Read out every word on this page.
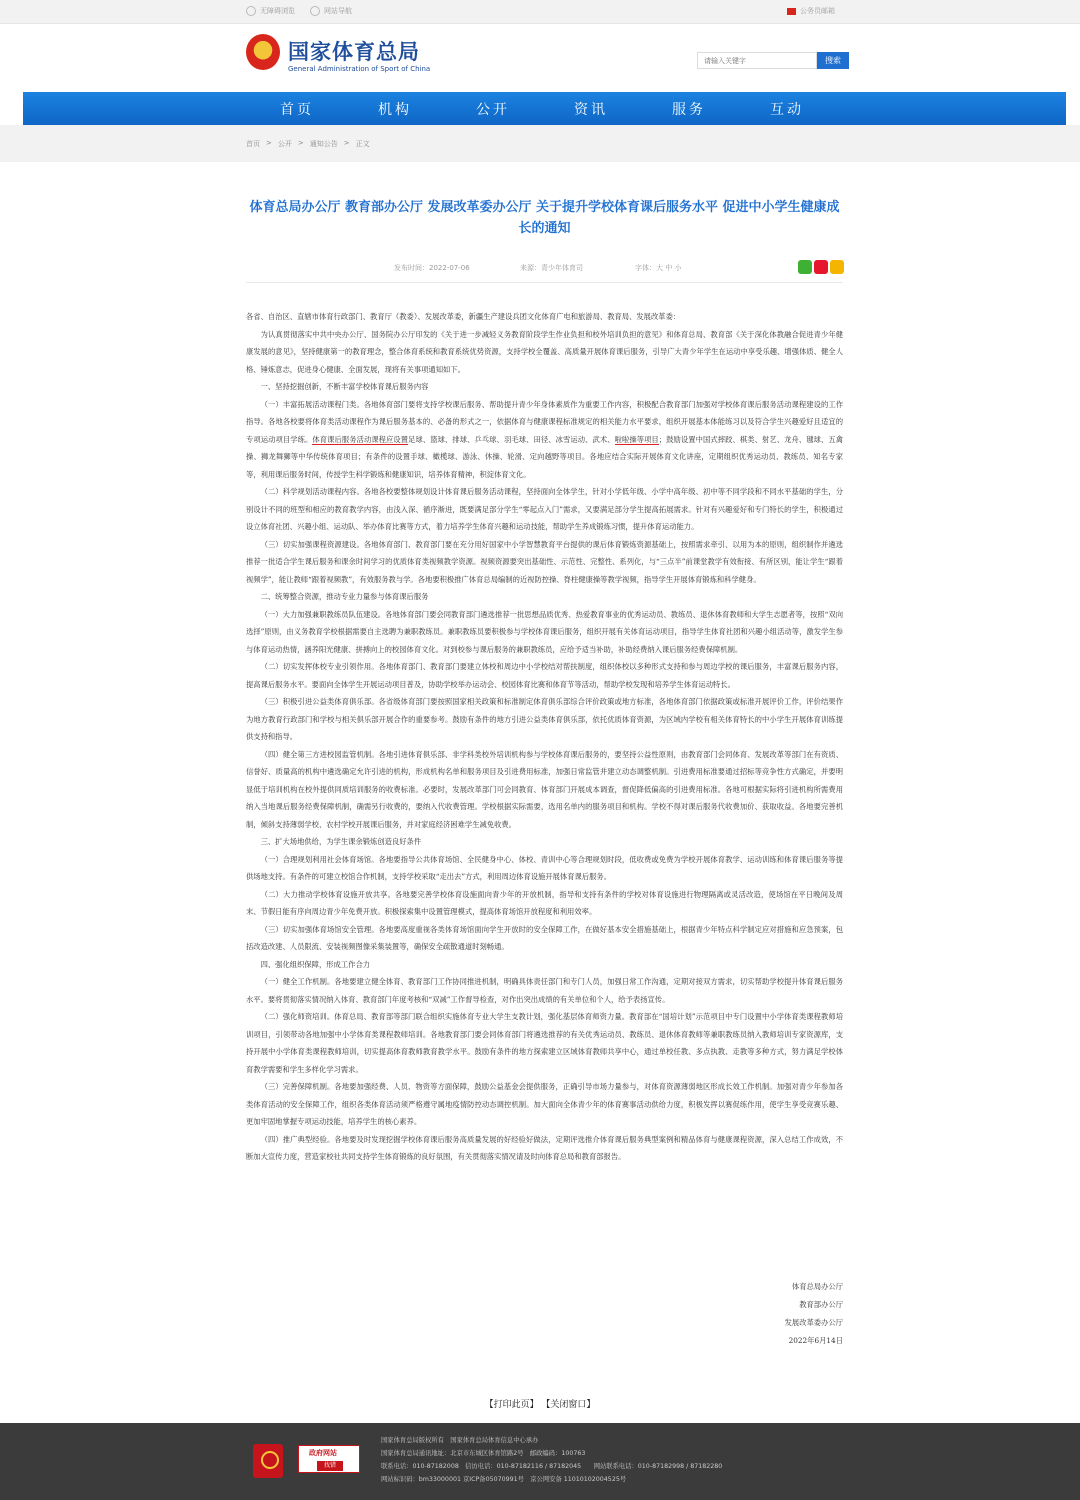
无障碍浏览	网站导航	公务员邮箱
国家体育总局
General Administration of Sport of China
请输入关键字
搜索
首页	机构	公开	资讯	服务	互动
首页 > 公开 > 通知公告 > 正文
体育总局办公厅 教育部办公厅 发展改革委办公厅 关于提升学校体育课后服务水平 促进中小学生健康成长的通知
发布时间：2022-07-06	来源：青少年体育司	字体：大 中 小

各省、自治区、直辖市体育行政部门、教育厅（教委）、发展改革委，新疆生产建设兵团文化体育广电和旅游局、教育局、发展改革委：

为认真贯彻落实中共中央办公厅、国务院办公厅印发的《关于进一步减轻义务教育阶段学生作业负担和校外培训负担的意见》和体育总局、教育部《关于深化体教融合促进青少年健康发展的意见》，坚持健康第一的教育理念，整合体育系统和教育系统优势资源，支持学校全覆盖、高质量开展体育课后服务，引导广大青少年学生在运动中享受乐趣、增强体质、健全人格、锤炼意志，促进身心健康、全面发展，现将有关事项通知如下。

一、坚持挖掘创新，不断丰富学校体育课后服务内容

（一）丰富拓展活动课程门类。各地体育部门要将支持学校课后服务、帮助提升青少年身体素质作为重要工作内容，积极配合教育部门加强对学校体育课后服务活动课程建设的工作指导。各地各校要将体育类活动课程作为课后服务基本的、必备的形式之一，依据体育与健康课程标准规定的相关能力水平要求，组织开展基本体能练习以及符合学生兴趣爱好且适宜的专项运动项目学练。体育课后服务活动课程应设置足球、篮球、排球、乒乓球、羽毛球、田径、冰雪运动、武术、啦啦操等项目；鼓励设置中国式摔跤、棋类、射艺、龙舟、毽球、五禽操、狮龙舞狮等中华传统体育项目；有条件的设置手球、橄榄球、游泳、休操、轮滑、定向越野等项目。各地应结合实际开展体育文化讲座，定期组织优秀运动员、教练员、知名专家等，利用课后服务时间，传授学生科学锻炼和健康知识，培养体育精神，积淀体育文化。

（二）科学规划活动课程内容。各地各校要整体规划设计体育课后服务活动课程，坚持面向全体学生，针对小学低年级、小学中高年级、初中等不同学段和不同水平基础的学生，分别设计不同的班型和相应的教育教学内容，由浅入深、循序渐进，既要满足部分学生“零起点入门”需求，又要满足部分学生提高拓展需求。针对有兴趣爱好和专门特长的学生，积极通过设立体育社团、兴趣小组、运动队、举办体育比赛等方式，着力培养学生体育兴趣和运动技能，帮助学生养成锻炼习惯，提升体育运动能力。

（三）切实加强课程资源建设。各地体育部门、教育部门要在充分用好国家中小学智慧教育平台提供的课后体育锻炼资源基础上，按照需求牵引、以用为本的原则，组织制作并遴选推荐一批适合学生课后服务和课余时间学习的优质体育类视频教学资源。视频资源要突出基础性、示范性、完整性、系列化，与“三点半”前课堂教学有效衔接、有所区别，能让学生“跟着视频学”，能让教师“跟着视频教”，有效服务教与学。各地要积极推广体育总局编制的近视防控操、脊柱健康操等教学视频，指导学生开展体育锻炼和科学健身。

二、统筹整合资源，推动专业力量参与体育课后服务

（一）大力加强兼职教练员队伍建设。各地体育部门要会同教育部门遴选推荐一批思想品质优秀、热爱教育事业的优秀运动员、教练员、退休体育教师和大学生志愿者等，按照“双向选择”原则，由义务教育学校根据需要自主选聘为兼职教练员。兼职教练员要积极参与学校体育课后服务，组织开展有关体育运动项目，指导学生体育社团和兴趣小组活动等，激发学生参与体育运动热情，涵养阳光健康、拼搏向上的校园体育文化。对到校参与课后服务的兼职教练员，应给予适当补助，补助经费纳入课后服务经费保障机制。

（二）切实发挥体校专业引领作用。各地体育部门、教育部门要建立体校和周边中小学校结对帮扶制度，组织体校以多种形式支持和参与周边学校的课后服务，丰富课后服务内容，提高课后服务水平。要面向全体学生开展运动项目普及，协助学校举办运动会、校园体育比赛和体育节等活动，帮助学校发现和培养学生体育运动特长。

（三）积极引进公益类体育俱乐部。各省级体育部门要按照国家相关政策和标准制定体育俱乐部综合评价政策或地方标准，各地体育部门依据政策或标准开展评价工作，评价结果作为地方教育行政部门和学校与相关俱乐部开展合作的重要参考。鼓励有条件的地方引进公益类体育俱乐部，依托优质体育资源，为区域内学校有相关体育特长的中小学生开展体育训练提供支持和指导。

（四）健全第三方进校园监管机制。各地引进体育俱乐部、非学科类校外培训机构参与学校体育课后服务的，要坚持公益性原则，由教育部门会同体育、发展改革等部门在有资质、信誉好、质量高的机构中遴选确定允许引进的机构，形成机构名单和服务项目及引进费用标准，加强日常监管并建立动态调整机制。引进费用标准要通过招标等竞争性方式确定，并要明显低于培训机构在校外提供同质培训服务的收费标准。必要时，发展改革部门可会同教育、体育部门开展成本调查，督促降低偏高的引进费用标准。各地可根据实际将引进机构所需费用纳入当地课后服务经费保障机制，确需另行收费的，要纳入代收费管理。学校根据实际需要，选用名单内的服务项目和机构。学校不得对课后服务代收费加价、获取收益。各地要完善机制，倾斜支持薄弱学校、农村学校开展课后服务，并对家庭经济困难学生减免收费。

三、扩大场地供给，为学生课余锻炼创造良好条件

（一）合理规划利用社会体育场馆。各地要指导公共体育场馆、全民健身中心、体校、青训中心等合理规划时段，低收费或免费为学校开展体育教学、运动训练和体育课后服务等提供场地支持。有条件的可建立校馆合作机制，支持学校采取“走出去”方式，利用周边体育设施开展体育课后服务。

（二）大力推动学校体育设施开放共享。各地要完善学校体育设施面向青少年的开放机制，指导和支持有条件的学校对体育设施进行物理隔离或灵活改造，使场馆在平日晚间及周末、节假日能有序向周边青少年免费开放。积极探索集中设置管理模式，提高体育场馆开放程度和利用效率。

（三）切实加强体育场馆安全管理。各地要高度重视各类体育场馆面向学生开放时的安全保障工作，在做好基本安全措施基础上，根据青少年特点科学制定应对措施和应急预案，包括改造改建、人员限流、安装视频图像采集装置等，确保安全疏散通道时刻畅通。

四、强化组织保障，形成工作合力

（一）健全工作机制。各地要建立健全体育、教育部门工作协同推进机制，明确具体责任部门和专门人员，加强日常工作沟通，定期对接双方需求，切实帮助学校提升体育课后服务水平。要将贯彻落实情况纳入体育、教育部门年度考核和“双减”工作督导检查，对作出突出成绩的有关单位和个人，给予表扬宣传。

（二）强化师资培训。体育总局、教育部等部门联合组织实施体育专业大学生支教计划，强化基层体育师资力量。教育部在“国培计划”示范项目中专门设置中小学体育类课程教师培训项目，引领带动各地加强中小学体育类课程教师培训。各地教育部门要会同体育部门将遴选推荐的有关优秀运动员、教练员、退休体育教师等兼职教练员纳入教师培训专家资源库，支持开展中小学体育类课程教师培训，切实提高体育教师教育教学水平。鼓励有条件的地方探索建立区域体育教师共享中心，通过单校任教、多点执教、走教等多种方式，努力满足学校体育教学需要和学生多样化学习需求。

（三）完善保障机制。各地要加强经费、人员、物资等方面保障，鼓励公益基金会提供服务，正确引导市场力量参与，对体育资源薄弱地区形成长效工作机制。加强对青少年参加各类体育活动的安全保障工作，组织各类体育活动须严格遵守属地疫情防控动态调控机制。加大面向全体青少年的体育赛事活动供给力度，积极发挥以赛促练作用，使学生享受竞赛乐趣、更加牢固地掌握专项运动技能，培养学生的核心素养。

（四）推广典型经验。各地要及时发现挖掘学校体育课后服务高质量发展的好经验好做法，定期评选推介体育课后服务典型案例和精品体育与健康课程资源，深入总结工作成效，不断加大宣传力度，营造家校社共同支持学生体育锻炼的良好氛围，有关贯彻落实情况请及时向体育总局和教育部报告。

体育总局办公厅
教育部办公厅
发展改革委办公厅
2022年6月14日
【打印此页】 【关闭窗口】
政府网站
找错
国家体育总局版权所有　国家体育总局体育信息中心承办
国家体育总局通讯地址：北京市东城区体育馆路2号　邮政编码：100763
联系电话：010-87182008　信访电话：010-87182116 / 87182045　　网站联系电话：010-87182998 / 87182280
网站标识码：bm33000001 京ICP备05070991号　京公网安备 11010102004525号
